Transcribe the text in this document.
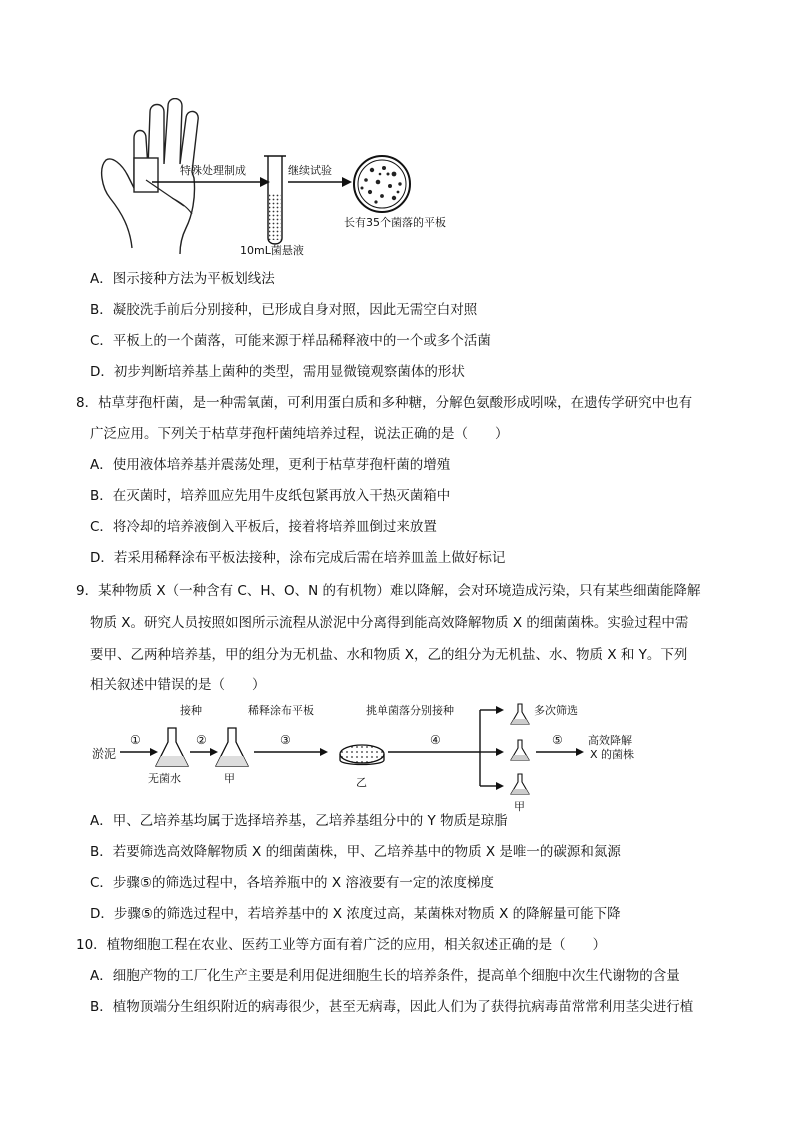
特殊处理制成
10mL菌悬液
继续试验
长有35个菌落的平板
A．图示接种方法为平板划线法
B．凝胶洗手前后分别接种，已形成自身对照，因此无需空白对照
C．平板上的一个菌落，可能来源于样品稀释液中的一个或多个活菌
D．初步判断培养基上菌种的类型，需用显微镜观察菌体的形状
8．枯草芽孢杆菌，是一种需氧菌，可利用蛋白质和多种糖，分解色氨酸形成吲哚，在遗传学研究中也有
广泛应用。下列关于枯草芽孢杆菌纯培养过程，说法正确的是（　　）
A．使用液体培养基并震荡处理，更利于枯草芽孢杆菌的增殖
B．在灭菌时，培养皿应先用牛皮纸包紧再放入干热灭菌箱中
C．将冷却的培养液倒入平板后，接着将培养皿倒过来放置
D．若采用稀释涂布平板法接种，涂布完成后需在培养皿盖上做好标记
9．某种物质 X（一种含有 C、H、O、N 的有机物）难以降解，会对环境造成污染，只有某些细菌能降解
物质 X。研究人员按照如图所示流程从淤泥中分离得到能高效降解物质 X 的细菌菌株。实验过程中需
要甲、乙两种培养基，甲的组分为无机盐、水和物质 X，乙的组分为无机盐、水、物质 X 和 Y。下列
相关叙述中错误的是（　　）
淤泥
①
无菌水
②
接种
甲
③
稀释涂布平板
乙
④
挑单菌落分别接种
甲
多次筛选
⑤ 高效降解
X 的菌株
A．甲、乙培养基均属于选择培养基，乙培养基组分中的 Y 物质是琼脂
B．若要筛选高效降解物质 X 的细菌菌株，甲、乙培养基中的物质 X 是唯一的碳源和氮源
C．步骤⑤的筛选过程中，各培养瓶中的 X 溶液要有一定的浓度梯度
D．步骤⑤的筛选过程中，若培养基中的 X 浓度过高，某菌株对物质 X 的降解量可能下降
10．植物细胞工程在农业、医药工业等方面有着广泛的应用，相关叙述正确的是（　　）
A．细胞产物的工厂化生产主要是利用促进细胞生长的培养条件，提高单个细胞中次生代谢物的含量
B．植物顶端分生组织附近的病毒很少，甚至无病毒，因此人们为了获得抗病毒苗常常利用茎尖进行植
